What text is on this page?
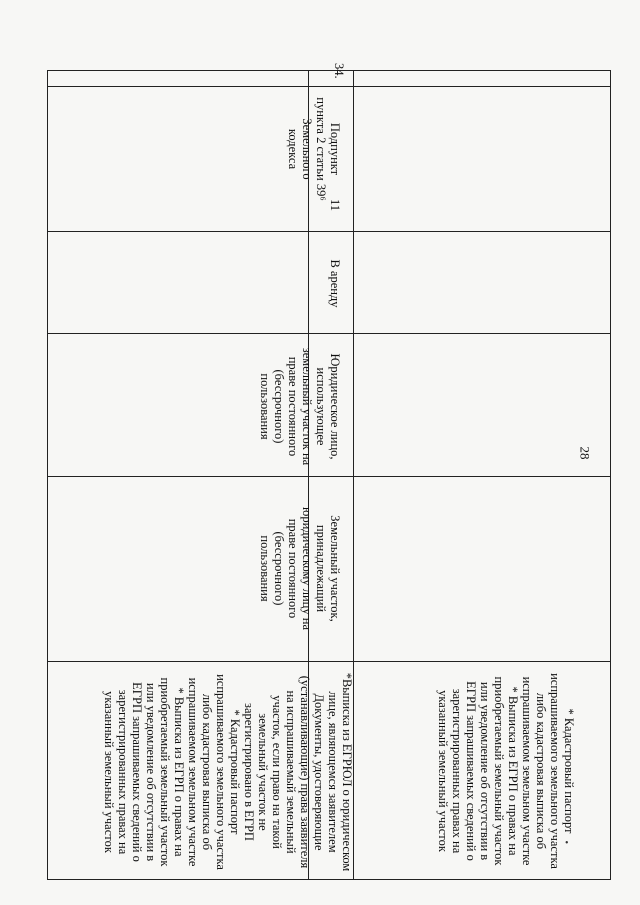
28
* Кадастровый паспорт
испрашиваемого земельного участка
либо кадастровая выписка об
испрашиваемом земельном участке
* Выписка из ЕГРП о правах на
приобретаемый земельный участок
или уведомление об отсутствии в
ЕГРП запрашиваемых сведений о
зарегистрированных правах на
указанный земельный участок
34.
Подпункт
пункта 2 статьи 39⁶
Земельного
кодекса
11
В аренду
Юридическое лицо,
использующее
земельный участок на
праве постоянного
(бессрочного)
пользования
Земельный участок,
принадлежащий
юридическому лицу на
праве постоянного
(бессрочного)
пользования
*Выписка из ЕГРЮЛ о юридическом
лице, являющемся заявителем
Документы, удостоверяющие
(устанавливающие) права заявителя
на испрашиваемый земельный
участок, если право на такой
земельный участок не
зарегистрировано в ЕГРП
* Кадастровый паспорт
испрашиваемого земельного участка
либо кадастровая выписка об
испрашиваемом земельном участке
* Выписка из ЕГРП о правах на
приобретаемый земельный участок
или уведомление об отсутствии в
ЕГРП запрашиваемых сведений о
зарегистрированных правах на
указанный земельный участок	•
